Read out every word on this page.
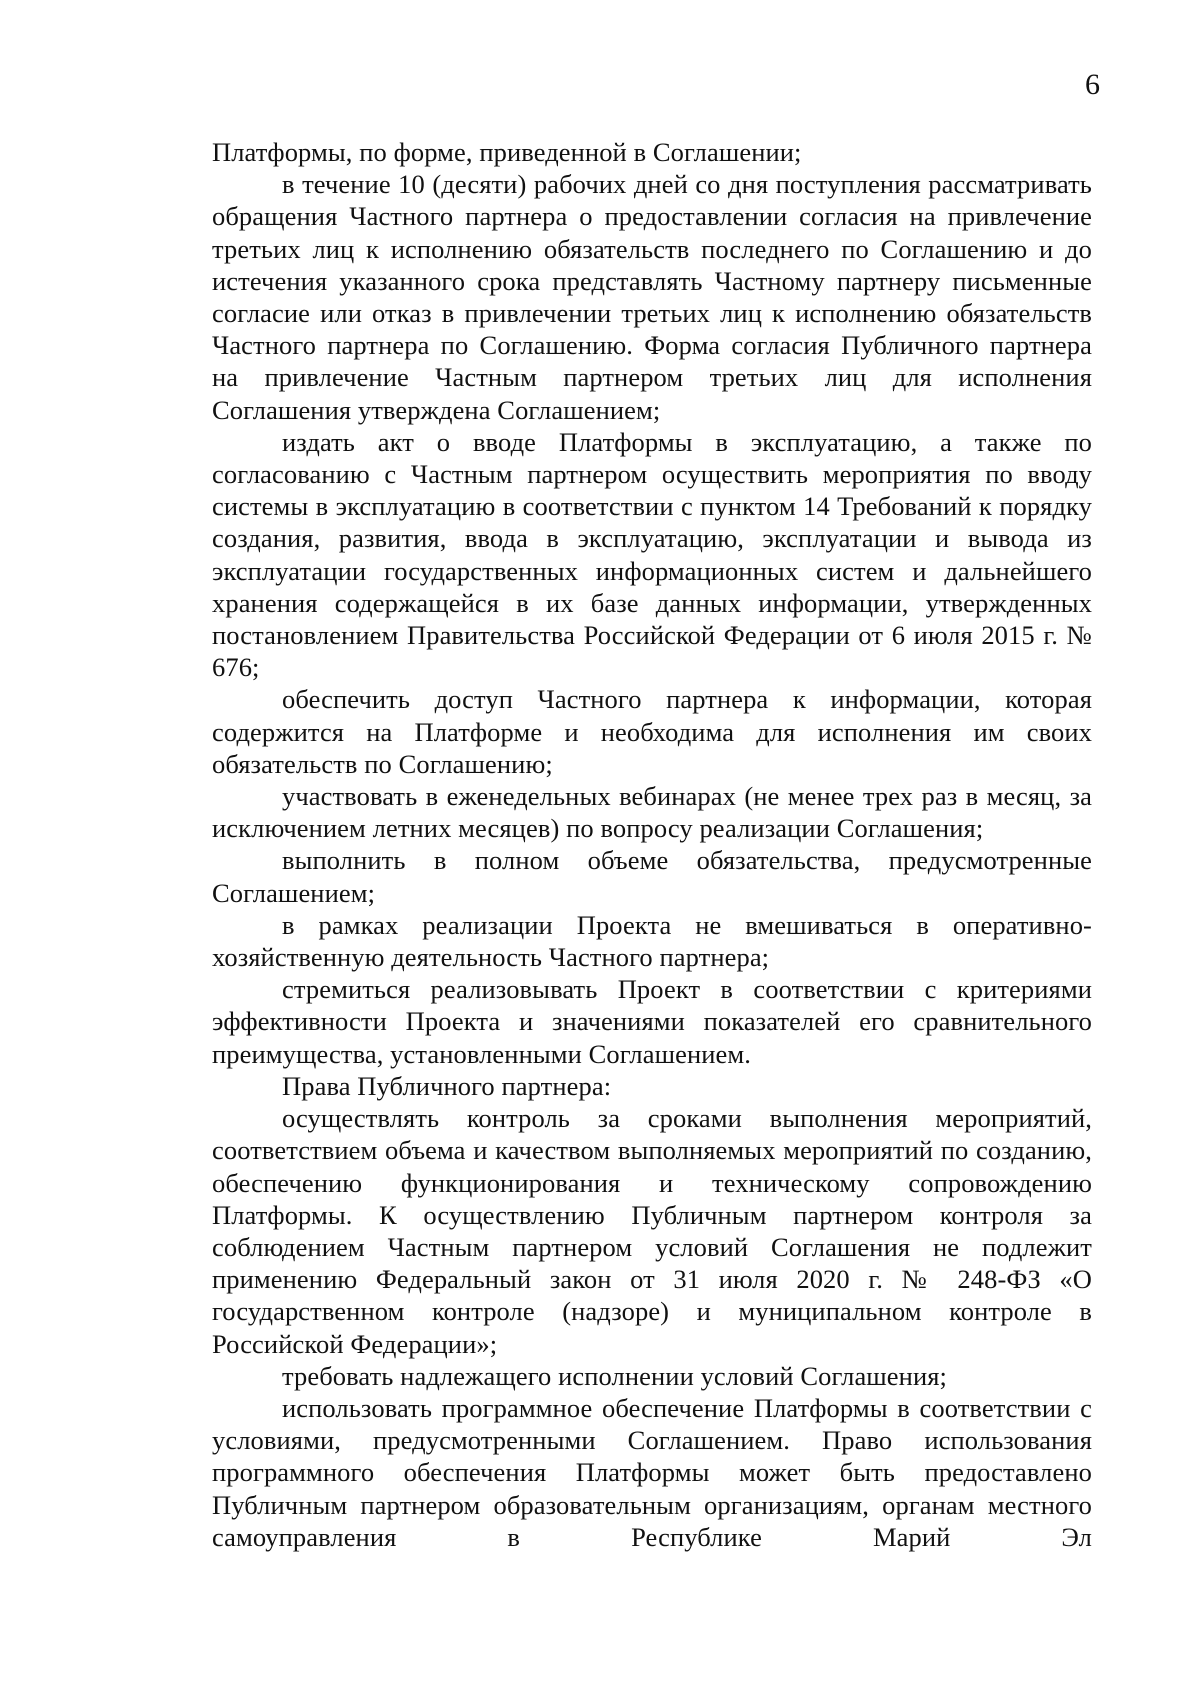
6

Платформы, по форме, приведенной в Соглашении;

в течение 10 (десяти) рабочих дней со дня поступления рассматривать обращения Частного партнера о предоставлении согласия на привлечение третьих лиц к исполнению обязательств последнего по Соглашению и до истечения указанного срока представлять Частному партнеру письменные согласие или отказ в привлечении третьих лиц к исполнению обязательств Частного партнера по Соглашению. Форма согласия Публичного партнера на привлечение Частным партнером третьих лиц для исполнения Соглашения утверждена Соглашением;

издать акт о вводе Платформы в эксплуатацию, а также по согласованию с Частным партнером осуществить мероприятия по вводу системы в эксплуатацию в соответствии с пунктом 14 Требований к порядку создания, развития, ввода в эксплуатацию, эксплуатации и вывода из эксплуатации государственных информационных систем и дальнейшего хранения содержащейся в их базе данных информации, утвержденных постановлением Правительства Российской Федерации от 6 июля 2015 г. № 676;

обеспечить доступ Частного партнера к информации, которая содержится на Платформе и необходима для исполнения им своих обязательств по Соглашению;

участвовать в еженедельных вебинарах (не менее трех раз в месяц, за исключением летних месяцев) по вопросу реализации Соглашения;

выполнить в полном объеме обязательства, предусмотренные Соглашением;

в рамках реализации Проекта не вмешиваться в оперативно-хозяйственную деятельность Частного партнера;

стремиться реализовывать Проект в соответствии с критериями эффективности Проекта и значениями показателей его сравнительного преимущества, установленными Соглашением.

Права Публичного партнера:

осуществлять контроль за сроками выполнения мероприятий, соответствием объема и качеством выполняемых мероприятий по созданию, обеспечению функционирования и техническому сопровождению Платформы. К осуществлению Публичным партнером контроля за соблюдением Частным партнером условий Соглашения не подлежит применению Федеральный закон от 31 июля 2020 г. № 248-ФЗ «О государственном контроле (надзоре) и муниципальном контроле в Российской Федерации»;

требовать надлежащего исполнении условий Соглашения;

использовать программное обеспечение Платформы в соответствии с условиями, предусмотренными Соглашением. Право использования программного обеспечения Платформы может быть предоставлено Публичным партнером образовательным организациям, органам местного самоуправления в Республике Марий Эл
